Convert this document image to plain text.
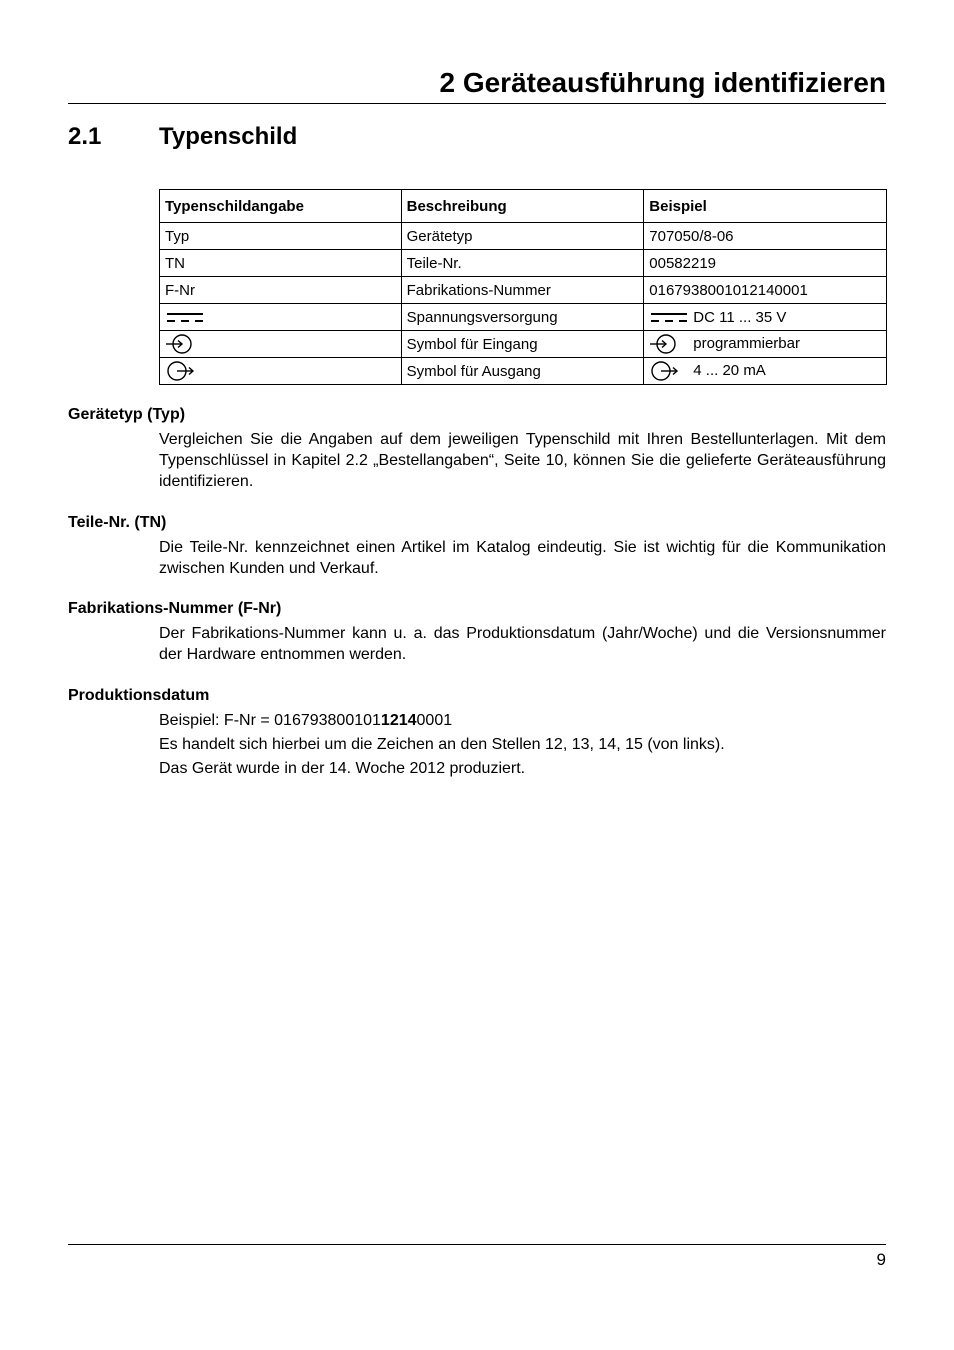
2 Geräteausführung identifizieren
2.1 Typenschild
Typenschildangabe	Beschreibung	Beispiel
Typ	Gerätetyp	707050/8-06
TN	Teile-Nr.	00582219
F-Nr	Fabrikations-Nummer	0167938001012140001
	Spannungsversorgung	DC 11 ... 35 V
	Symbol für Eingang	programmierbar
	Symbol für Ausgang	4 ... 20 mA
Gerätetyp (Typ)

Vergleichen Sie die Angaben auf dem jeweiligen Typenschild mit Ihren Bestellunterlagen. Mit dem Typenschlüssel in Kapitel 2.2 „Bestellangaben“, Seite 10, können Sie die gelieferte Geräteausführung identifizieren.

Teile-Nr. (TN)

Die Teile-Nr. kennzeichnet einen Artikel im Katalog eindeutig. Sie ist wichtig für die Kommunikation zwischen Kunden und Verkauf.

Fabrikations-Nummer (F-Nr)

Der Fabrikations-Nummer kann u. a. das Produktionsdatum (Jahr/Woche) und die Versionsnummer der Hardware entnommen werden.

Produktionsdatum

Beispiel: F-Nr = 01679380010112140001

Es handelt sich hierbei um die Zeichen an den Stellen 12, 13, 14, 15 (von links).

Das Gerät wurde in der 14. Woche 2012 produziert.

9
